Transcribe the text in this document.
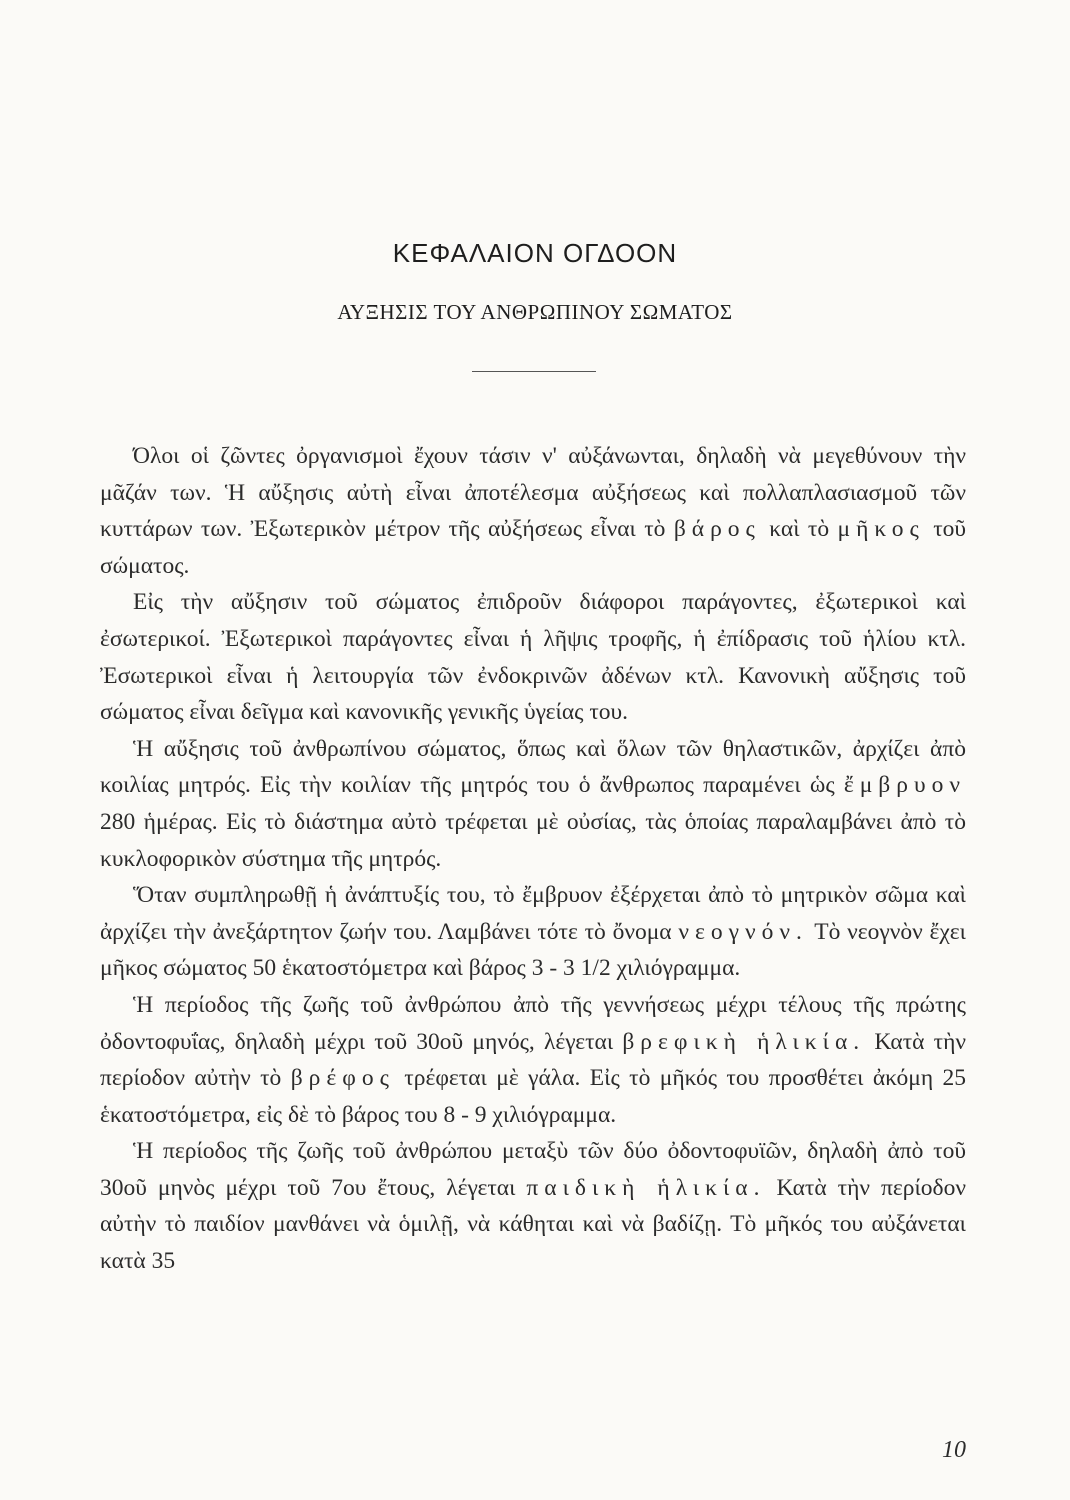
ΚΕΦΑΛΑΙΟΝ ΟΓΔΟΟΝ
ΑΥΞΗΣΙΣ ΤΟΥ ΑΝΘΡΩΠΙΝΟΥ ΣΩΜΑΤΟΣ

Όλοι οἱ ζῶντες ὀργανισμοὶ ἔχουν τάσιν ν' αὐξάνωνται, δηλαδὴ νὰ μεγεθύνουν τὴν μᾶζάν των. Ἡ αὔξησις αὐτὴ εἶναι ἀποτέλεσμα αὐξήσεως καὶ πολλαπλασιασμοῦ τῶν κυττάρων των. Ἐξωτερικὸν μέτρον τῆς αὐξήσεως εἶναι τὸ βάρος καὶ τὸ μῆκος τοῦ σώματος.

Εἰς τὴν αὔξησιν τοῦ σώματος ἐπιδροῦν διάφοροι παράγοντες, ἐξωτερικοὶ καὶ ἐσωτερικοί. Ἐξωτερικοὶ παράγοντες εἶναι ἡ λῆψις τροφῆς, ἡ ἐπίδρασις τοῦ ἡλίου κτλ. Ἐσωτερικοὶ εἶναι ἡ λειτουργία τῶν ἐνδοκρινῶν ἀδένων κτλ. Κανονικὴ αὔξησις τοῦ σώματος εἶναι δεῖγμα καὶ κανονικῆς γενικῆς ὑγείας του.

Ἡ αὔξησις τοῦ ἀνθρωπίνου σώματος, ὅπως καὶ ὅλων τῶν θηλαστικῶν, ἀρχίζει ἀπὸ κοιλίας μητρός. Εἰς τὴν κοιλίαν τῆς μητρός του ὁ ἄνθρωπος παραμένει ὡς ἔμβρυον 280 ἡμέρας. Εἰς τὸ διάστημα αὐτὸ τρέφεται μὲ οὐσίας, τὰς ὁποίας παραλαμβάνει ἀπὸ τὸ κυκλοφορικὸν σύστημα τῆς μητρός.

Ὅταν συμπληρωθῇ ἡ ἀνάπτυξίς του, τὸ ἔμβρυον ἐξέρχεται ἀπὸ τὸ μητρικὸν σῶμα καὶ ἀρχίζει τὴν ἀνεξάρτητον ζωήν του. Λαμβάνει τότε τὸ ὄνομα νεογνόν. Τὸ νεογνὸν ἔχει μῆκος σώματος 50 ἑκατοστόμετρα καὶ βάρος 3 - 3 1/2 χιλιόγραμμα.

Ἡ περίοδος τῆς ζωῆς τοῦ ἀνθρώπου ἀπὸ τῆς γεννήσεως μέχρι τέλους τῆς πρώτης ὀδοντοφυΐας, δηλαδὴ μέχρι τοῦ 30οῦ μηνός, λέγεται βρεφικὴ ἡλικία. Κατὰ τὴν περίοδον αὐτὴν τὸ βρέφος τρέφεται μὲ γάλα. Εἰς τὸ μῆκός του προσθέτει ἀκόμη 25 ἑκατοστόμετρα, εἰς δὲ τὸ βάρος του 8 - 9 χιλιόγραμμα.

Ἡ περίοδος τῆς ζωῆς τοῦ ἀνθρώπου μεταξὺ τῶν δύο ὀδοντοφυϊῶν, δηλαδὴ ἀπὸ τοῦ 30οῦ μηνὸς μέχρι τοῦ 7ου ἔτους, λέγεται παιδικὴ ἡλικία. Κατὰ τὴν περίοδον αὐτὴν τὸ παιδίον μανθάνει νὰ ὁμιλῇ, νὰ κάθηται καὶ νὰ βαδίζῃ. Τὸ μῆκός του αὐξάνεται κατὰ 35

10
